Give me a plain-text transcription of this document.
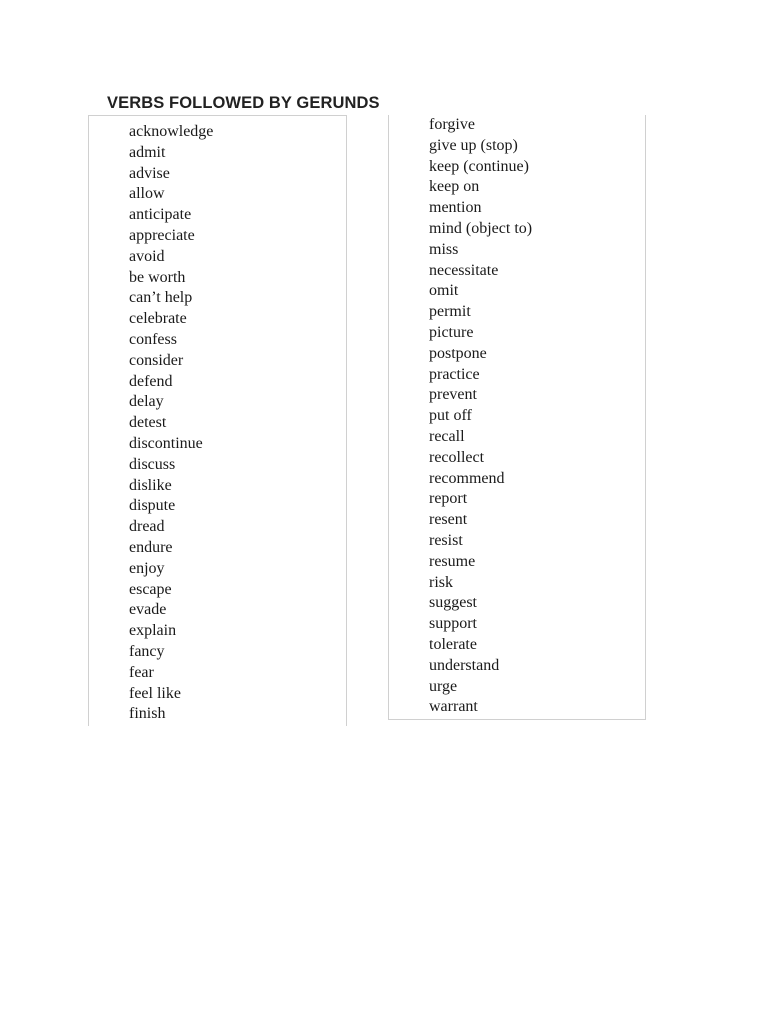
VERBS FOLLOWED BY GERUNDS
acknowledge
admit
advise
allow
anticipate
appreciate
avoid
be worth
can’t help
celebrate
confess
consider
defend
delay
detest
discontinue
discuss
dislike
dispute
dread
endure
enjoy
escape
evade
explain
fancy
fear
feel like
finish
forgive
give up (stop)
keep (continue)
keep on
mention
mind (object to)
miss
necessitate
omit
permit
picture
postpone
practice
prevent
put off
recall
recollect
recommend
report
resent
resist
resume
risk
suggest
support
tolerate
understand
urge
warrant
